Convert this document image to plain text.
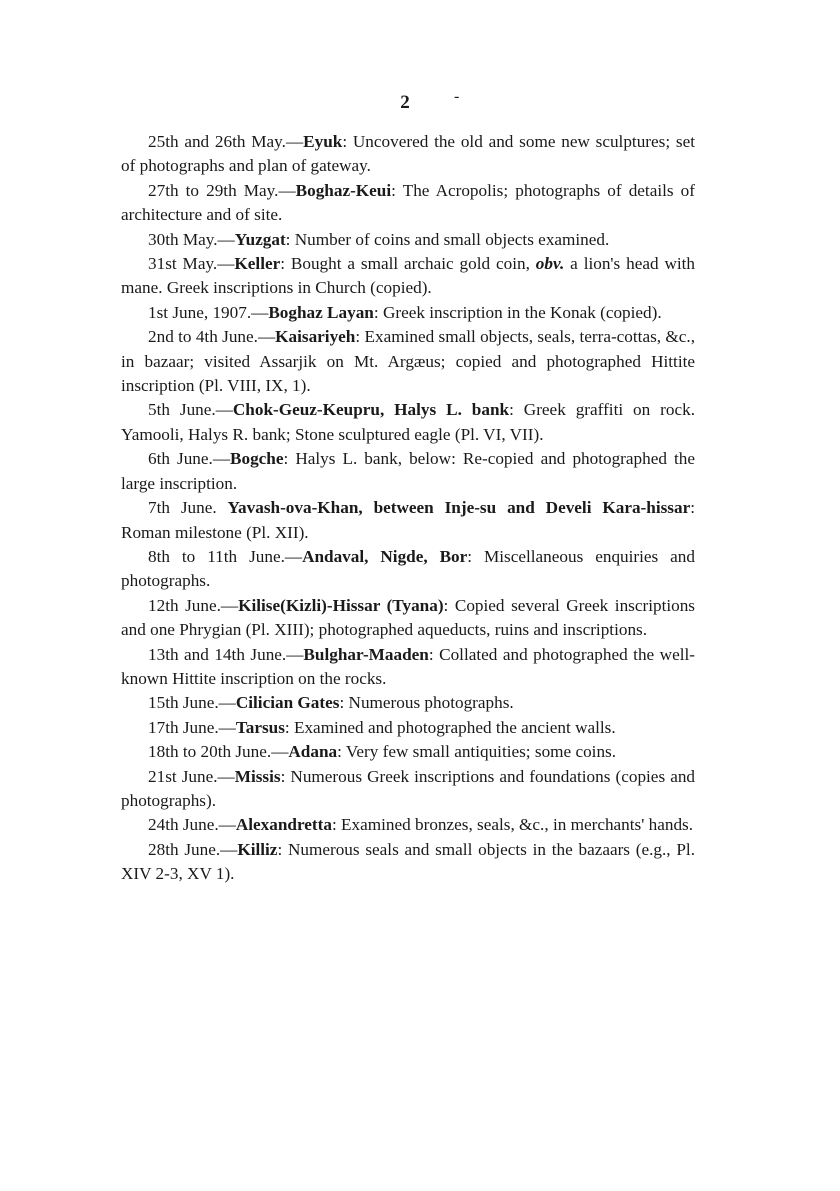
2	-

25th and 26th May.—Eyuk: Uncovered the old and some new sculptures; set of photographs and plan of gateway.

27th to 29th May.—Boghaz-Keui: The Acropolis; photographs of details of architecture and of site.

30th May.—Yuzgat: Number of coins and small objects examined.

31st May.—Keller: Bought a small archaic gold coin, obv. a lion's head with mane. Greek inscriptions in Church (copied).

1st June, 1907.—Boghaz Layan: Greek inscription in the Konak (copied).

2nd to 4th June.—Kaisariyeh: Examined small objects, seals, terra-cottas, &c., in bazaar; visited Assarjik on Mt. Argæus; copied and photographed Hittite inscription (Pl. VIII, IX, 1).

5th June.—Chok-Geuz-Keupru, Halys L. bank: Greek graffiti on rock. Yamooli, Halys R. bank; Stone sculptured eagle (Pl. VI, VII).

6th June.—Bogche: Halys L. bank, below: Re-copied and photographed the large inscription.

7th June. Yavash-ova-Khan, between Inje-su and Develi Kara-hissar: Roman milestone (Pl. XII).

8th to 11th June.—Andaval, Nigde, Bor: Miscellaneous enquiries and photographs.

12th June.—Kilise(Kizli)-Hissar (Tyana): Copied several Greek inscriptions and one Phrygian (Pl. XIII); photographed aqueducts, ruins and inscriptions.

13th and 14th June.—Bulghar-Maaden: Collated and photographed the well-known Hittite inscription on the rocks.

15th June.—Cilician Gates: Numerous photographs.

17th June.—Tarsus: Examined and photographed the ancient walls.

18th to 20th June.—Adana: Very few small antiquities; some coins.

21st June.—Missis: Numerous Greek inscriptions and foundations (copies and photographs).

24th June.—Alexandretta: Examined bronzes, seals, &c., in merchants' hands.

28th June.—Killiz: Numerous seals and small objects in the bazaars (e.g., Pl. XIV 2-3, XV 1).
